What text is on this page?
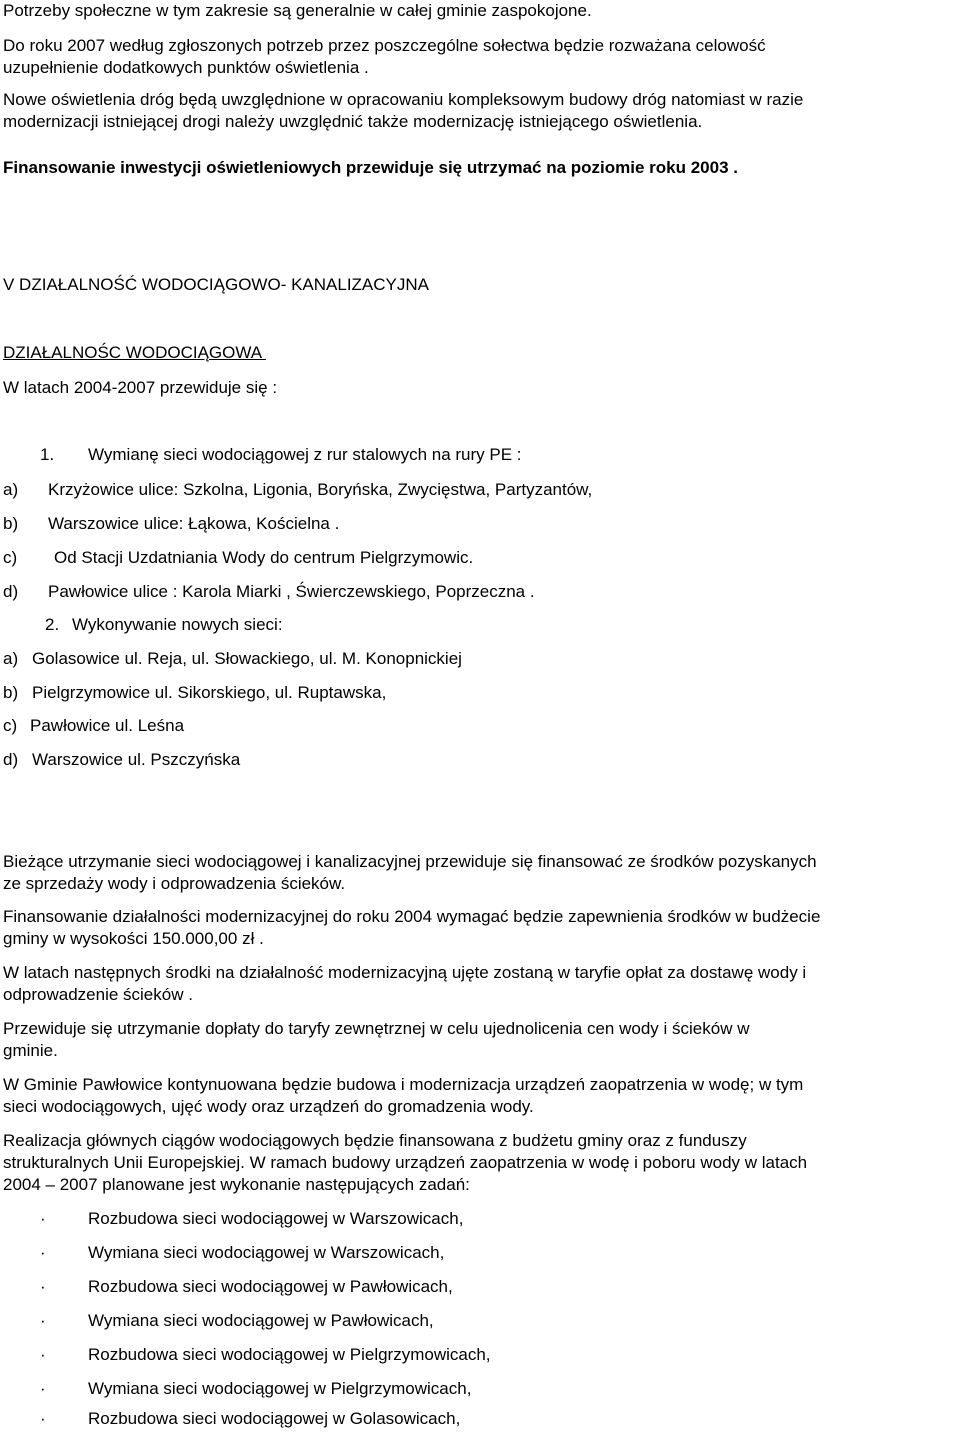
Potrzeby społeczne w tym zakresie są generalnie w całej gminie zaspokojone.
Do roku 2007 według zgłoszonych potrzeb przez poszczególne sołectwa będzie rozważana celowość
uzupełnienie dodatkowych punktów oświetlenia .
Nowe oświetlenia dróg będą uwzględnione w opracowaniu kompleksowym budowy dróg natomiast w razie
modernizacji istniejącej drogi należy uwzględnić także modernizację istniejącego oświetlenia.
Finansowanie inwestycji oświetleniowych przewiduje się utrzymać na poziomie roku 2003 .
V DZIAŁALNOŚĆ WODOCIĄGOWO- KANALIZACYJNA
DZIAŁALNOŚC WODOCIĄGOWA
W latach 2004-2007 przewiduje się :
1. Wymianę sieci wodociągowej z rur stalowych na rury PE :
a) Krzyżowice ulice: Szkolna, Ligonia, Boryńska, Zwycięstwa, Partyzantów,
b) Warszowice ulice: Łąkowa, Kościelna .
c) Od Stacji Uzdatniania Wody do centrum Pielgrzymowic.
d) Pawłowice ulice : Karola Miarki , Świerczewskiego, Poprzeczna .
2. Wykonywanie nowych sieci:
a) Golasowice ul. Reja, ul. Słowackiego, ul. M. Konopnickiej
b) Pielgrzymowice ul. Sikorskiego, ul. Ruptawska,
c) Pawłowice ul. Leśna
d) Warszowice ul. Pszczyńska
Bieżące utrzymanie sieci wodociągowej i kanalizacyjnej przewiduje się finansować ze środków pozyskanych
ze sprzedaży wody i odprowadzenia ścieków.
Finansowanie działalności modernizacyjnej do roku 2004 wymagać będzie zapewnienia środków w budżecie
gminy w wysokości 150.000,00 zł .
W latach następnych środki na działalność modernizacyjną ujęte zostaną w taryfie opłat za dostawę wody i
odprowadzenie ścieków .
Przewiduje się utrzymanie dopłaty do taryfy zewnętrznej w celu ujednolicenia cen wody i ścieków w
gminie.
W Gminie Pawłowice kontynuowana będzie budowa i modernizacja urządzeń zaopatrzenia w wodę; w tym
sieci wodociągowych, ujęć wody oraz urządzeń do gromadzenia wody.
Realizacja głównych ciągów wodociągowych będzie finansowana z budżetu gminy oraz z funduszy
strukturalnych Unii Europejskiej. W ramach budowy urządzeń zaopatrzenia w wodę i poboru wody w latach
2004 – 2007 planowane jest wykonanie następujących zadań:
· Rozbudowa sieci wodociągowej w Warszowicach,
· Wymiana sieci wodociągowej w Warszowicach,
· Rozbudowa sieci wodociągowej w Pawłowicach,
· Wymiana sieci wodociągowej w Pawłowicach,
· Rozbudowa sieci wodociągowej w Pielgrzymowicach,
· Wymiana sieci wodociągowej w Pielgrzymowicach,
· Rozbudowa sieci wodociągowej w Golasowicach,
